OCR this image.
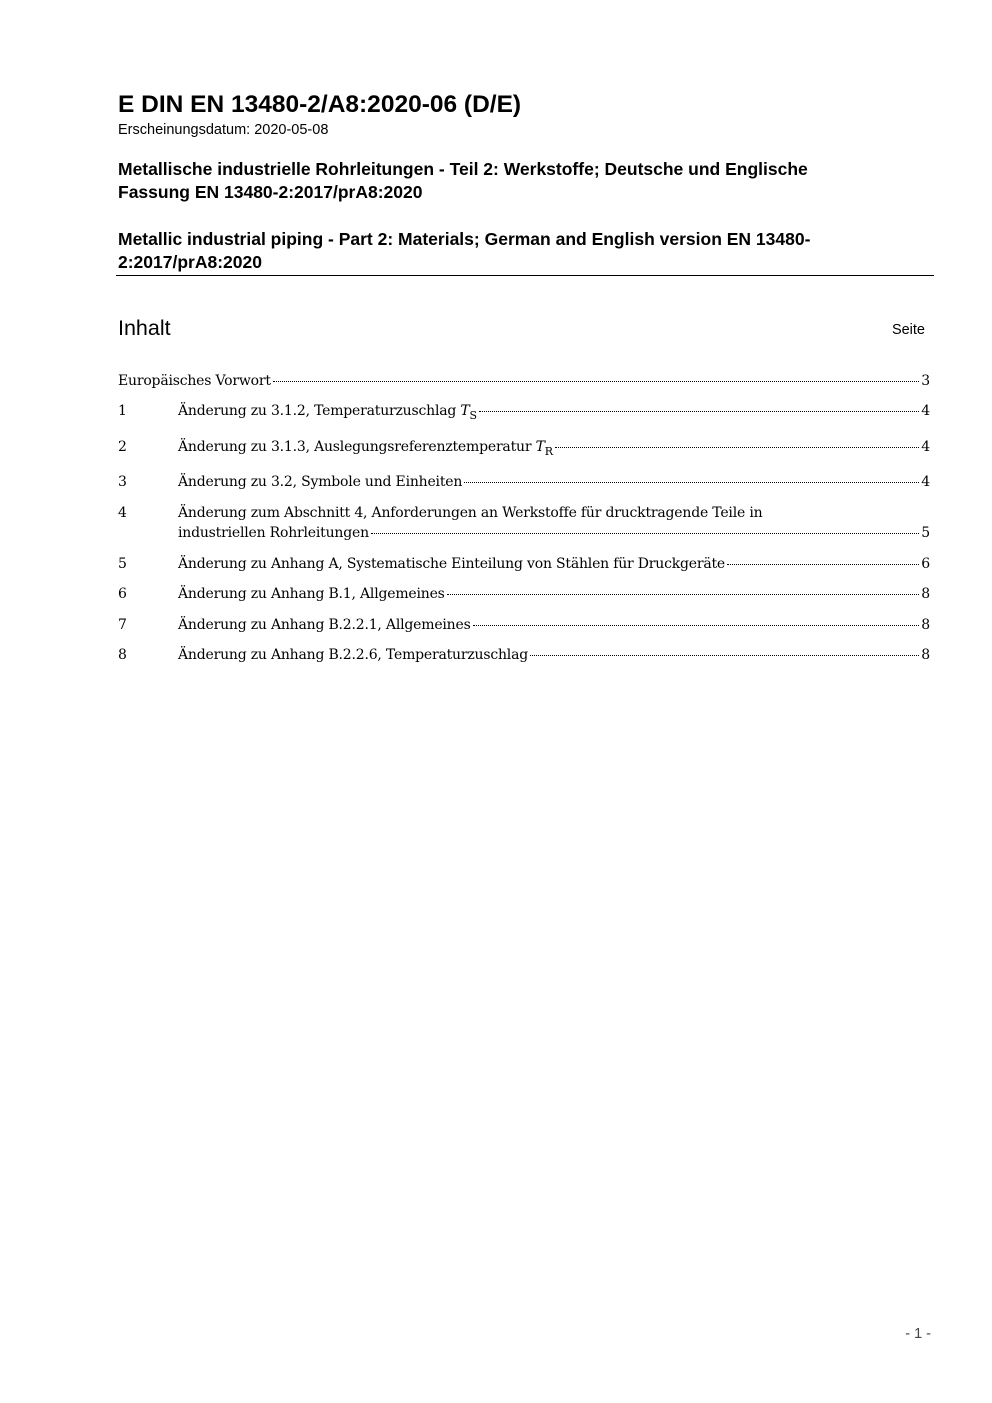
E DIN EN 13480-2/A8:2020-06 (D/E)
Erscheinungsdatum: 2020-05-08
Metallische industrielle Rohrleitungen - Teil 2: Werkstoffe; Deutsche und Englische
Fassung EN 13480-2:2017/prA8:2020
Metallic industrial piping - Part 2: Materials; German and English version EN 13480-
2:2017/prA8:2020
Inhalt	Seite
Europäisches Vorwort	3
1	Änderung zu 3.1.2, Temperaturzuschlag $T_S$	4
2	Änderung zu 3.1.3, Auslegungsreferenztemperatur $T_R$	4
3	Änderung zu 3.2, Symbole und Einheiten	4
4	Änderung zum Abschnitt 4, Anforderungen an Werkstoffe für drucktragende Teile in
industriellen Rohrleitungen	5
5	Änderung zu Anhang A, Systematische Einteilung von Stählen für Druckgeräte	6
6	Änderung zu Anhang B.1, Allgemeines	8
7	Änderung zu Anhang B.2.2.1, Allgemeines	8
8	Änderung zu Anhang B.2.2.6, Temperaturzuschlag	8
- 1 -
